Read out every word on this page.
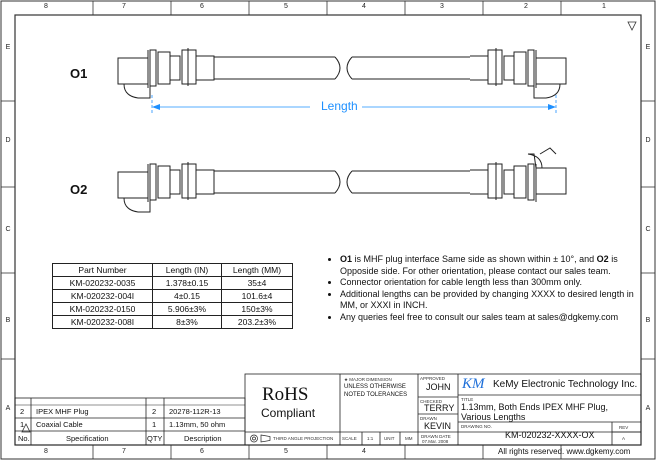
8	7	6	5	4	3	2	1
8	7	6	5	4
E
D
C
B
A
E
D
C
B
A
O1
O2
Length
Part Number	Length (IN)	Length (MM)
KM-020232-0035	1.378±0.15	35±4
KM-020232-004I	4±0.15	101.6±4
KM-020232-0150	5.906±3%	150±3%
KM-020232-008I	8±3%	203.2±3%
• O1 is MHF plug interface Same side as shown within ± 10°, and O2 is Opposide side. For other orientation, please contact our sales team.
• Connector orientation for cable length less than 300mm only.
• Additional lengths can be provided by changing XXXX to desired length in MM, or XXXI in INCH.
• Any queries feel free to consult our sales team at sales@dgkemy.com
2 IPEX MHF Plug	2 20278-112R-13
1 Coaxial Cable	1 1.13mm, 50 ohm
No.	Specification	QTY	Description
RoHS
Compliant
★ MAJOR DIMENSION
UNLESS OTHERWISE
NOTED TOLERANCES
APPROVED
JOHN
CHECKED
TERRY
DRAWN
KEVIN
DRAWN DATE
07.Mar. 2008
THIRD ANGLE PROJECTION SCALE 1:1 UNIT MM
KM KeMy Electronic Technology Inc.
TITLE
1.13mm, Both Ends IPEX MHF Plug,
Various Lengths
DRAWING NO.
KM-020232-XXXX-OX
REV
A
All rights reserved. www.dgkemy.com
